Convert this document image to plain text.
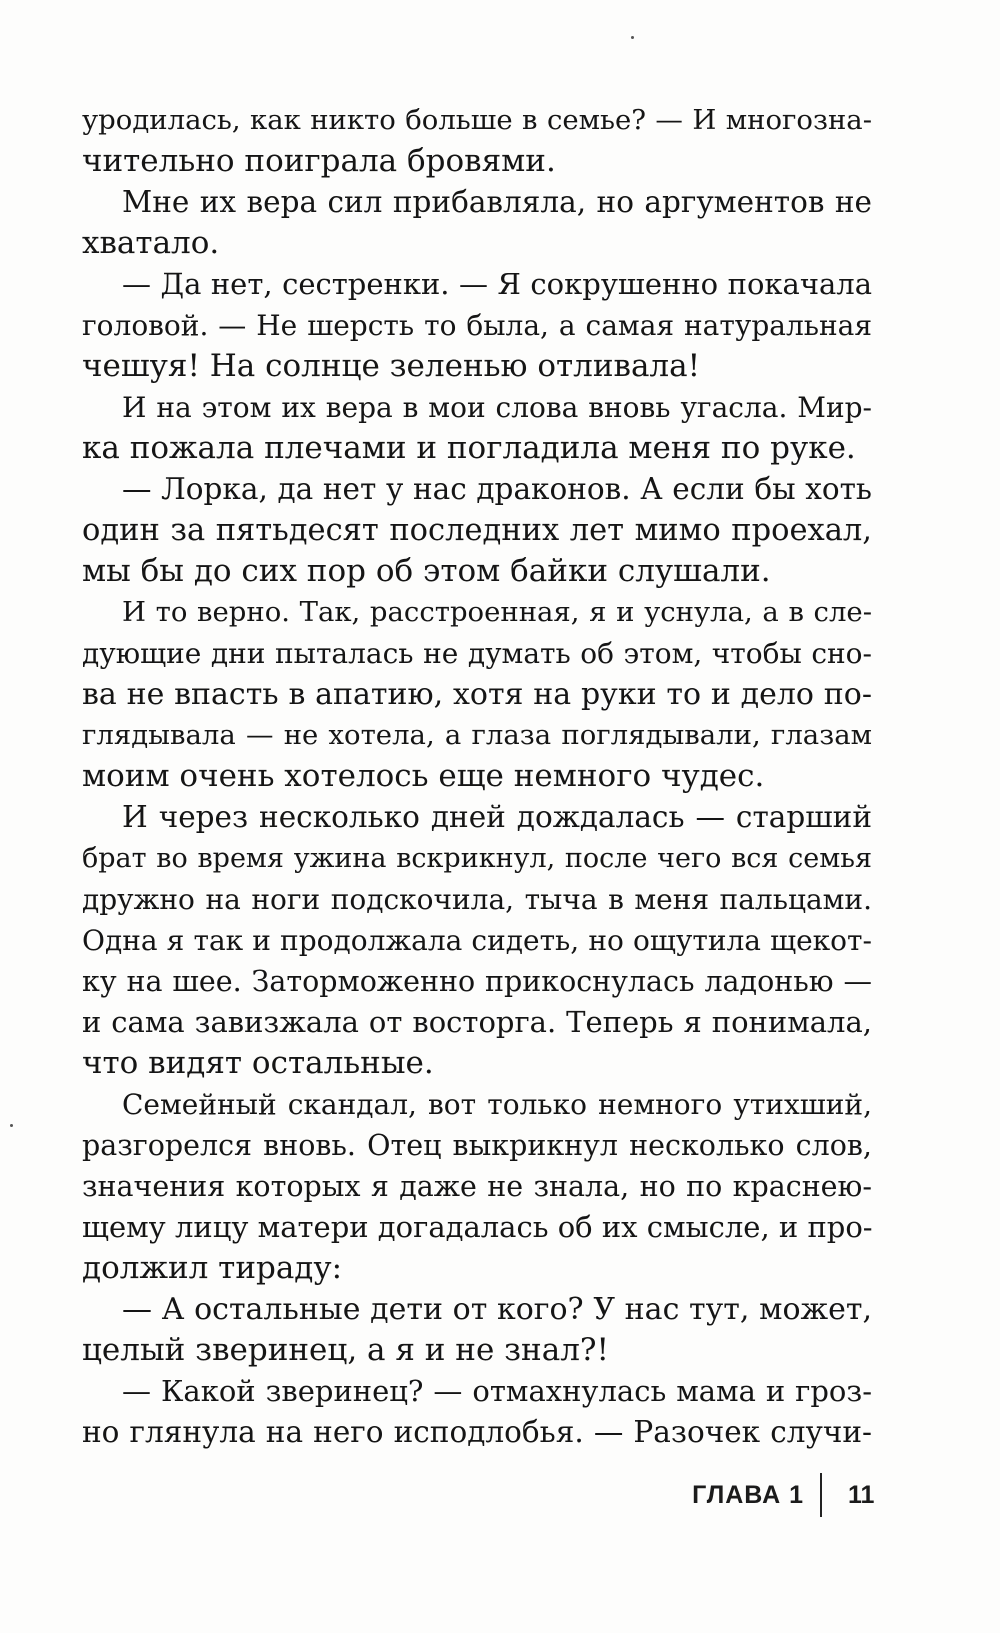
уродилась, как никто больше в семье? — И многозна-
чительно поиграла бровями.
Мне их вера сил прибавляла, но аргументов не
хватало.
— Да нет, сестренки. — Я сокрушенно покачала
головой. — Не шерсть то была, а самая натуральная
чешуя! На солнце зеленью отливала!
И на этом их вера в мои слова вновь угасла. Мир-
ка пожала плечами и погладила меня по руке.
— Лорка, да нет у нас драконов. А если бы хоть
один за пятьдесят последних лет мимо проехал,
мы бы до сих пор об этом байки слушали.
И то верно. Так, расстроенная, я и уснула, а в сле-
дующие дни пыталась не думать об этом, чтобы сно-
ва не впасть в апатию, хотя на руки то и дело по-
глядывала — не хотела, а глаза поглядывали, глазам
моим очень хотелось еще немного чудес.
И через несколько дней дождалась — старший
брат во время ужина вскрикнул, после чего вся семья
дружно на ноги подскочила, тыча в меня пальцами.
Одна я так и продолжала сидеть, но ощутила щекот-
ку на шее. Заторможенно прикоснулась ладонью —
и сама завизжала от восторга. Теперь я понимала,
что видят остальные.
Семейный скандал, вот только немного утихший,
разгорелся вновь. Отец выкрикнул несколько слов,
значения которых я даже не знала, но по краснею-
щему лицу матери догадалась об их смысле, и про-
должил тираду:
— А остальные дети от кого? У нас тут, может,
целый зверинец, а я и не знал?!
— Какой зверинец? — отмахнулась мама и гроз-
но глянула на него исподлобья. — Разочек случи-
ГЛАВА 1 11
